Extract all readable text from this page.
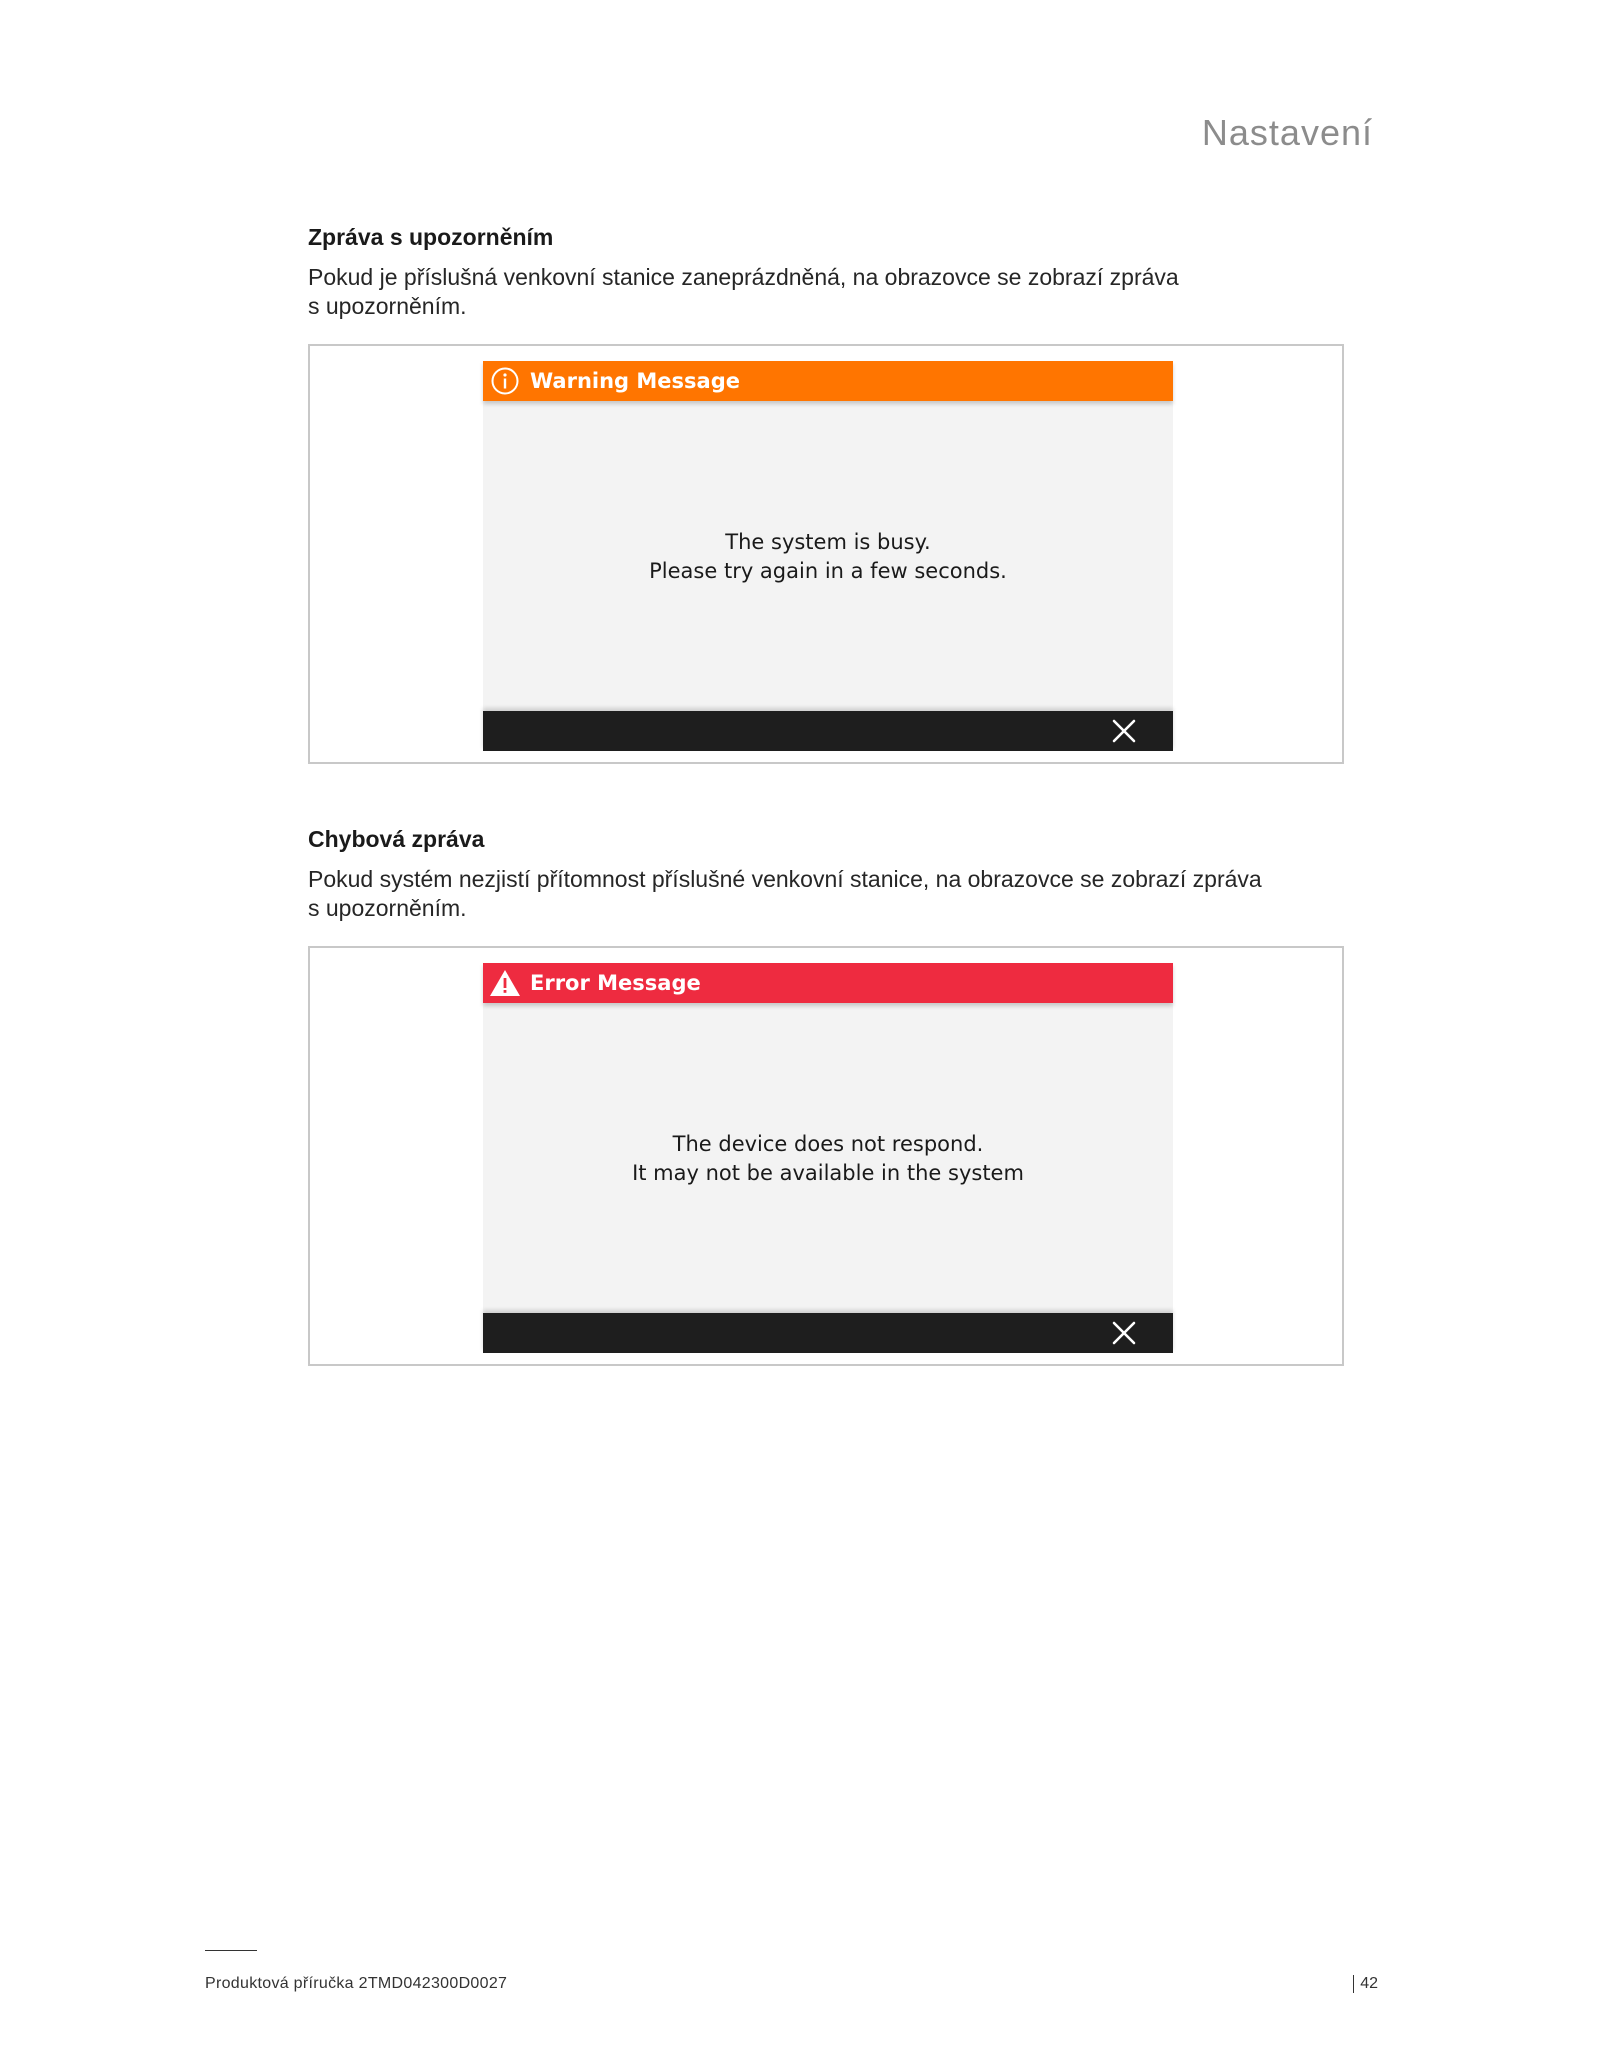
Nastavení
Zpráva s upozorněním

Pokud je příslušná venkovní stanice zaneprázdněná, na obrazovce se zobrazí zpráva
s upozorněním.

Warning Message
The system is busy.
Please try again in a few seconds.
Chybová zpráva

Pokud systém nezjistí přítomnost příslušné venkovní stanice, na obrazovce se zobrazí zpráva
s upozorněním.

Error Message
The device does not respond.
It may not be available in the system
Produktová příručka 2TMD042300D0027	42
